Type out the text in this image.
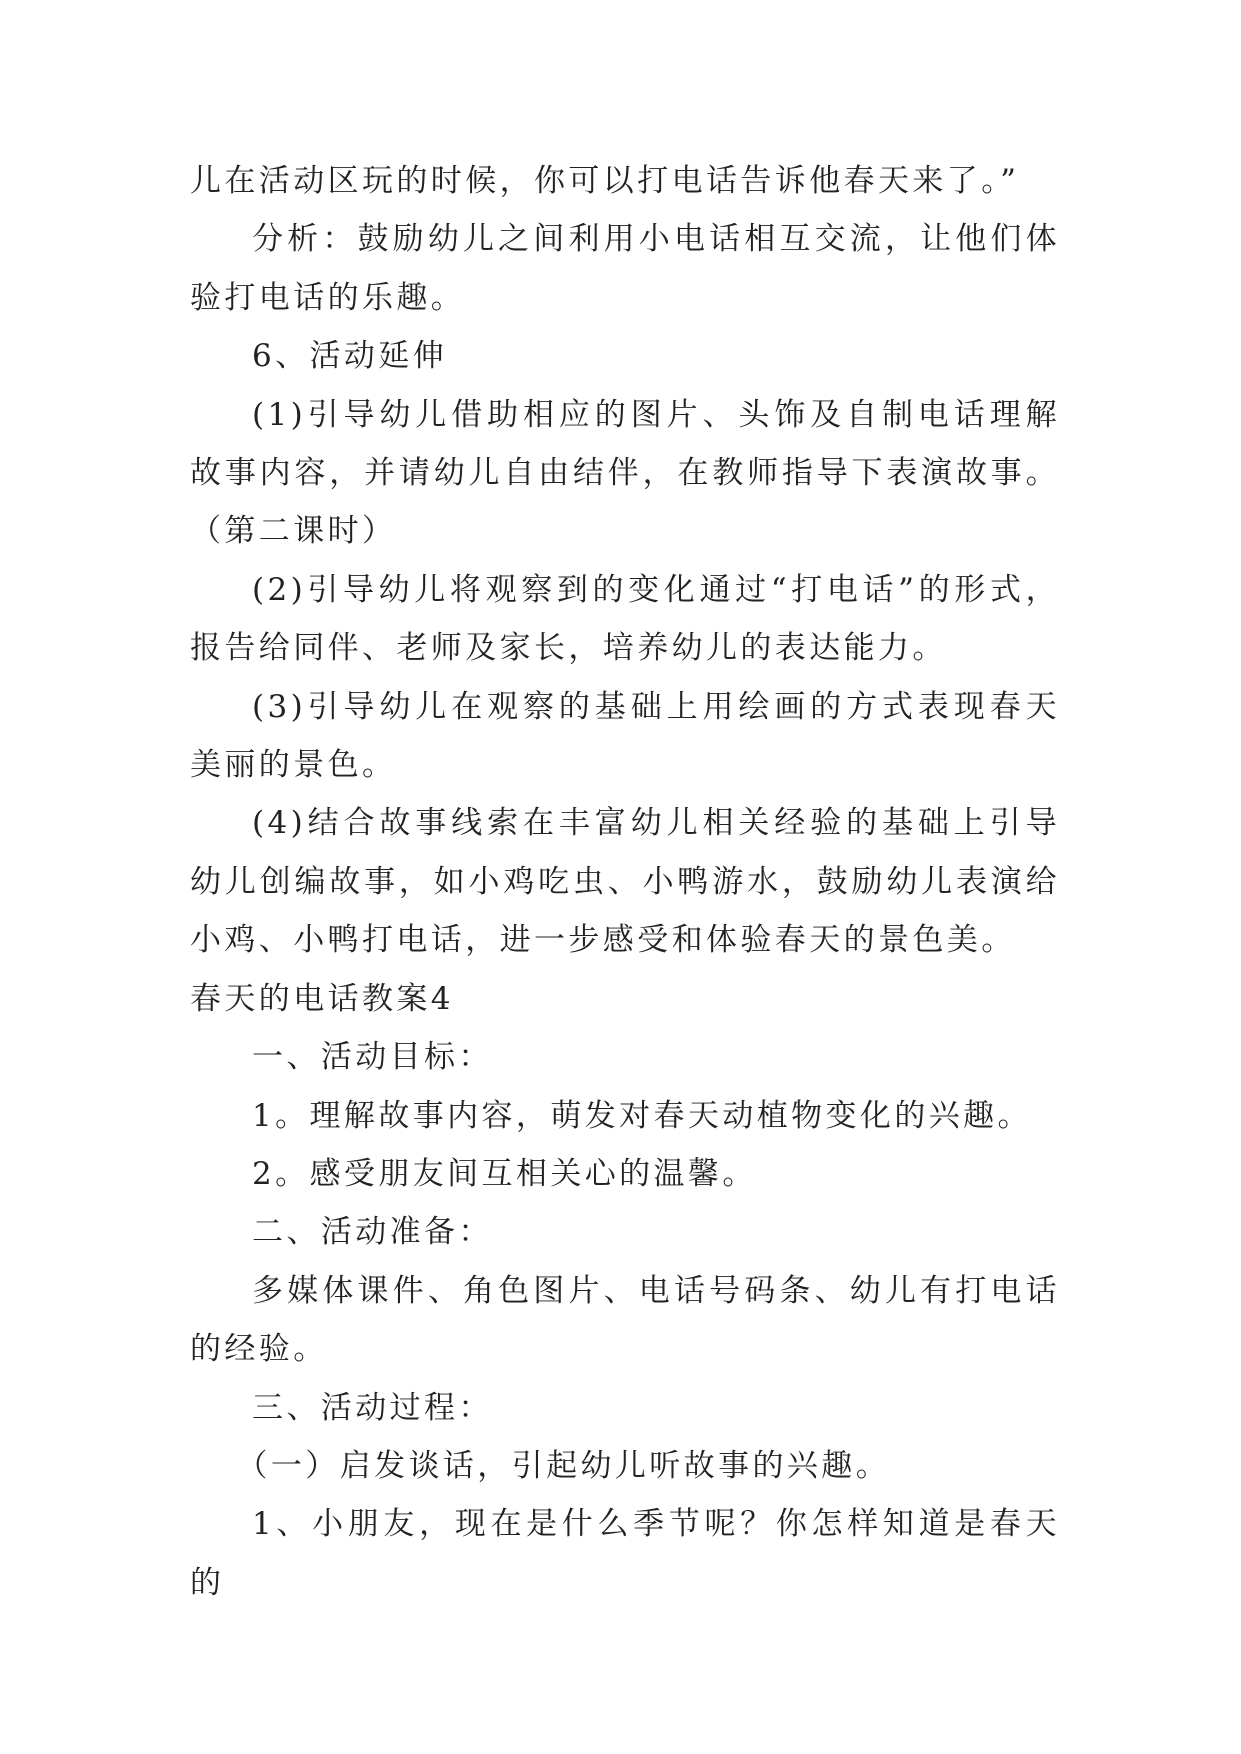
儿在活动区玩的时候，你可以打电话告诉他春天来了。”

分析：鼓励幼儿之间利用小电话相互交流，让他们体验打电话的乐趣。

6、活动延伸

(1)引导幼儿借助相应的图片、头饰及自制电话理解故事内容，并请幼儿自由结伴，在教师指导下表演故事。（第二课时）

(2)引导幼儿将观察到的变化通过“打电话”的形式，报告给同伴、老师及家长，培养幼儿的表达能力。

(3)引导幼儿在观察的基础上用绘画的方式表现春天美丽的景色。

(4)结合故事线索在丰富幼儿相关经验的基础上引导幼儿创编故事，如小鸡吃虫、小鸭游水，鼓励幼儿表演给小鸡、小鸭打电话，进一步感受和体验春天的景色美。

春天的电话教案4

一、活动目标：

1。理解故事内容，萌发对春天动植物变化的兴趣。

2。感受朋友间互相关心的温馨。

二、活动准备：

多媒体课件、角色图片、电话号码条、幼儿有打电话的经验。

三、活动过程：

（一）启发谈话，引起幼儿听故事的兴趣。

1、小朋友，现在是什么季节呢？你怎样知道是春天的
